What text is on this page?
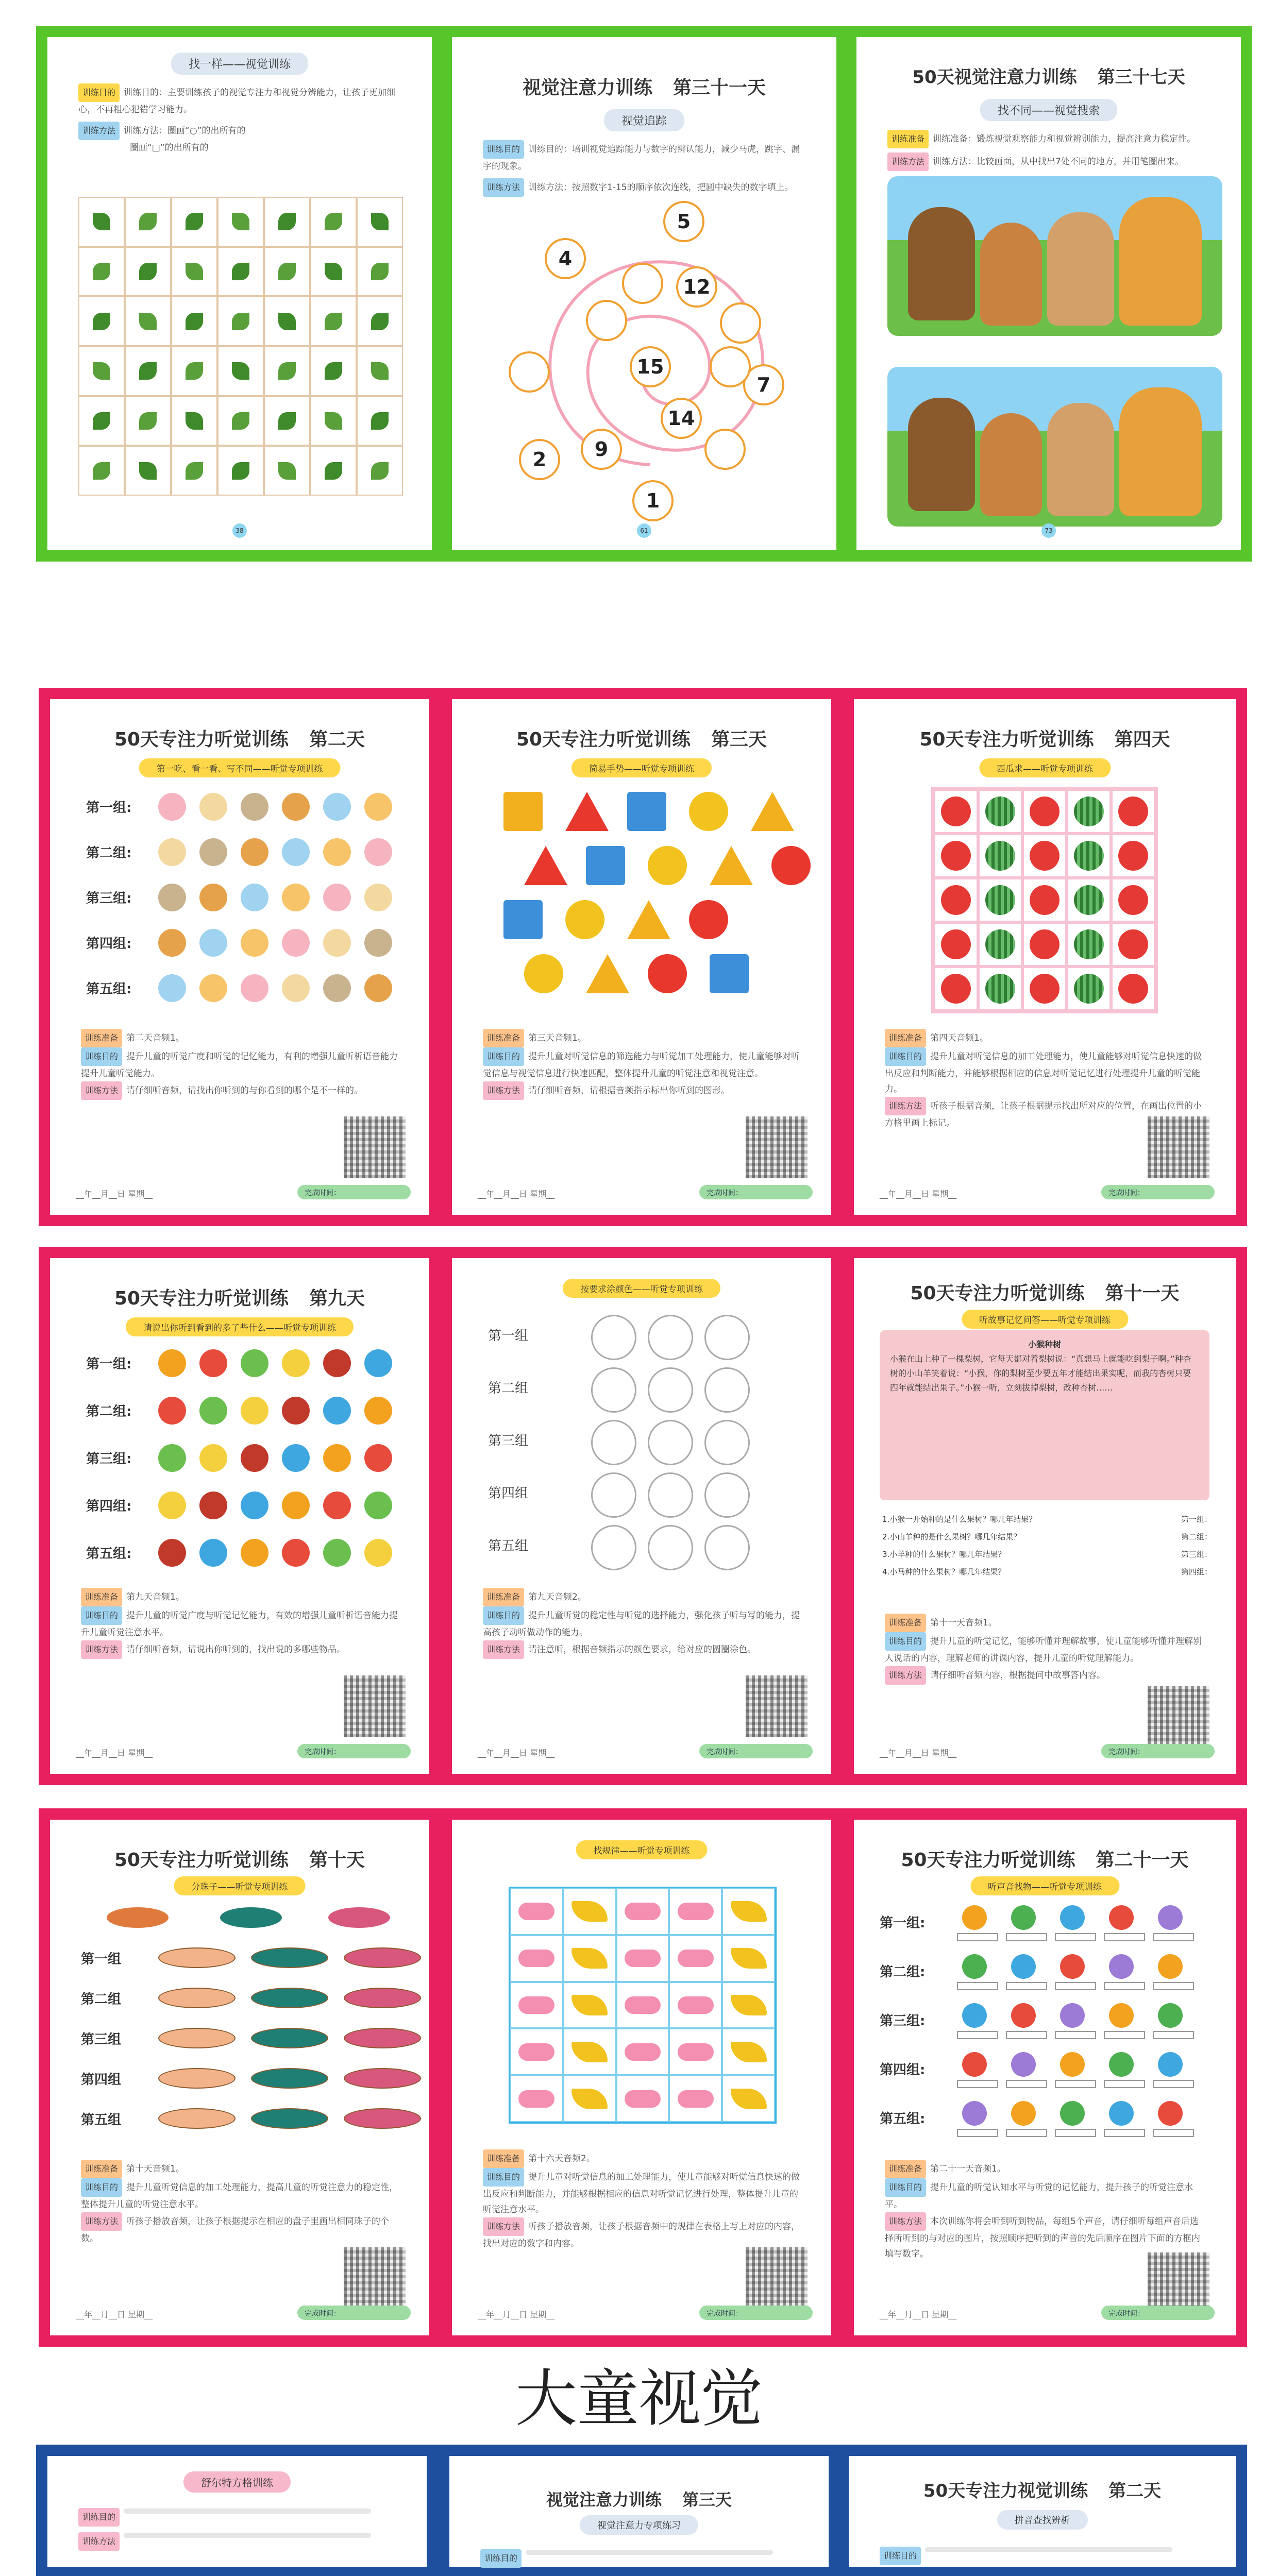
找一样——视觉训练
训练目的 训练目的：主要训练孩子的视觉专注力和视觉分辨能力，让孩子更加细心，不再粗心犯错学习能力。
训练方法 训练方法：圈画“○”的出所有的
圈画“□”的出所有的
38
视觉注意力训练 第三十一天
视觉追踪
训练目的 训练目的：培训视觉追踪能力与数字的辨认能力，减少马虎，跳字、漏字的现象。
训练方法 训练方法：按照数字1-15的顺序依次连线，把圆中缺失的数字填上。
5
4
12
15
7
14
2	9
1
61
50天视觉注意力训练 第三十七天
找不同——视觉搜索
训练准备 训练准备：锻炼视觉观察能力和视觉辨别能力，提高注意力稳定性。
训练方法 训练方法：比较画面，从中找出7处不同的地方，并用笔圈出来。
73
50天专注力听觉训练 第二天
第一吃、看一看、写不同——听觉专项训练
第一组:
第二组:
第三组:
第四组:
第五组:
训练准备 第二天音频1。
训练目的 提升儿童的听觉广度和听觉的记忆能力，有利的增强儿童听析语音能力提升儿童听觉能力。
训练方法 请仔细听音频，请找出你听到的与你看到的哪个是不一样的。
__年__月__日 星期__	完成时间：
50天专注力听觉训练 第三天
简易手势——听觉专项训练
训练准备 第三天音频1。
训练目的 提升儿童对听觉信息的筛选能力与听觉加工处理能力，使儿童能够对听觉信息与视觉信息进行快速匹配，整体提升儿童的听觉注意和视觉注意。
训练方法 请仔细听音频，请根据音频指示标出你听到的图形。
__年__月__日 星期__	完成时间：
50天专注力听觉训练 第四天
西瓜求——听觉专项训练
训练准备 第四天音频1。
训练目的 提升儿童对听觉信息的加工处理能力，使儿童能够对听觉信息快速的做出反应和判断能力，并能够根据相应的信息对听觉记忆进行处理提升儿童的听觉能力。
训练方法 听孩子根据音频，让孩子根据提示找出所对应的位置，在画出位置的小方格里画上标记。
__年__月__日 星期__	完成时间：
50天专注力听觉训练 第九天
请说出你听到看到的多了些什么——听觉专项训练
第一组:
第二组:
第三组:
第四组:
第五组:
训练准备 第九天音频1。
训练目的 提升儿童的听觉广度与听觉记忆能力，有效的增强儿童听析语音能力提升儿童听觉注意水平。
训练方法 请仔细听音频，请说出你听到的，找出说的多哪些物品。
__年__月__日 星期__	完成时间：
按要求涂颜色——听觉专项训练
第一组
第二组
第三组
第四组
第五组
训练准备 第九天音频2。
训练目的 提升儿童听觉的稳定性与听觉的选择能力，强化孩子听与写的能力，提高孩子动听做动作的能力。
训练方法 请注意听，根据音频指示的颜色要求，给对应的圆圈涂色。
__年__月__日 星期__	完成时间：
50天专注力听觉训练 第十一天
听故事记忆问答——听觉专项训练
小猴种树
小猴在山上种了一棵梨树，它每天都对着梨树说：“真想马上就能吃到梨子啊。”种杏树的小山羊笑着说：“小猴，你的梨树至少要五年才能结出果实呢，而我的杏树只要四年就能结出果子。”小猴一听，立刻拔掉梨树，改种杏树……
1.小猴一开始种的是什么果树？哪几年结果？	第一组：
2.小山羊种的是什么果树？哪几年结果？	第二组：
3.小羊种的什么果树？哪几年结果？	第三组：
4.小马种的什么果树？哪几年结果？	第四组：
训练准备 第十一天音频1。
训练目的 提升儿童的听觉记忆，能够听懂并理解故事，使儿童能够听懂并理解别人说话的内容，理解老师的讲课内容，提升儿童的听觉理解能力。
训练方法 请仔细听音频内容，根据提问中故事答内容。
__年__月__日 星期__	完成时间：
50天专注力听觉训练 第十天
分珠子——听觉专项训练
第一组
第二组
第三组
第四组
第五组
训练准备 第十天音频1。
训练目的 提升儿童听觉信息的加工处理能力，提高儿童的听觉注意力的稳定性，整体提升儿童的听觉注意水平。
训练方法 听孩子播放音频，让孩子根据提示在相应的盘子里画出相同珠子的个数。
__年__月__日 星期__	完成时间：
找规律——听觉专项训练
训练准备 第十六天音频2。
训练目的 提升儿童对听觉信息的加工处理能力，使儿童能够对听觉信息快速的做出反应和判断能力，并能够根据相应的信息对听觉记忆进行处理，整体提升儿童的听觉注意水平。
训练方法 听孩子播放音频，让孩子根据音频中的规律在表格上写上对应的内容，找出对应的数字和内容。
__年__月__日 星期__	完成时间：
50天专注力听觉训练 第二十一天
听声音找物——听觉专项训练
第一组:
第二组:
第三组:
第四组:
第五组:
训练准备 第二十一天音频1。
训练目的 提升儿童的听觉认知水平与听觉的记忆能力，提升孩子的听觉注意水平。
训练方法 本次训练你将会听到听到物品，每组5个声音，请仔细听每组声音后选择所听到的与对应的图片，按照顺序把听到的声音的先后顺序在图片下面的方框内填写数字。
__年__月__日 星期__	完成时间：
大童视觉
舒尔特方格训练
训练目的
训练方法
视觉注意力训练 第三天
视觉注意力专项练习
训练目的
50天专注力视觉训练 第二天
拼音查找辨析
训练目的
